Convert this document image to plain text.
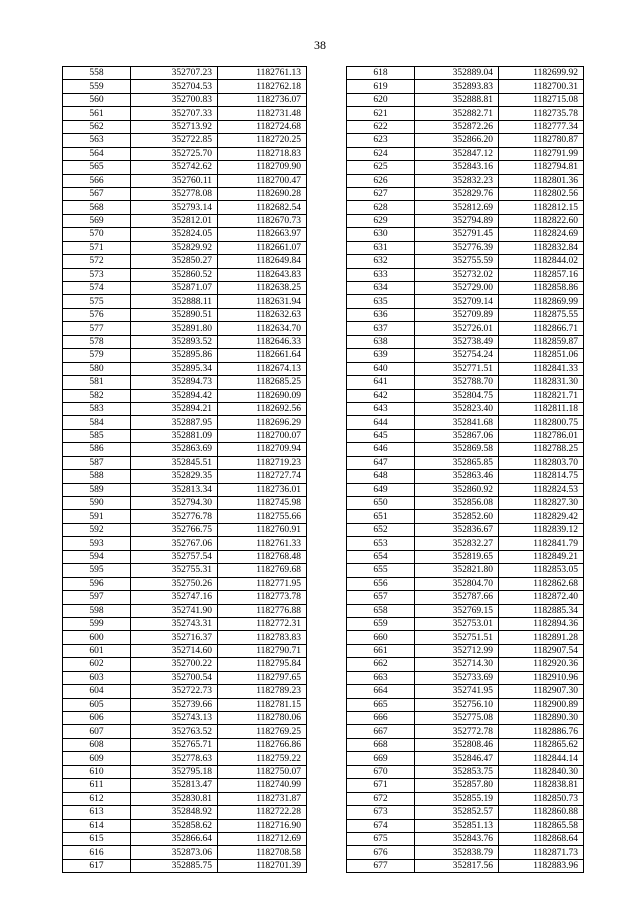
38
558	352707.23	1182761.13
559	352704.53	1182762.18
560	352700.83	1182736.07
561	352707.33	1182731.48
562	352713.92	1182724.68
563	352722.85	1182720.25
564	352725.70	1182718.83
565	352742.62	1182709.90
566	352760.11	1182700.47
567	352778.08	1182690.28
568	352793.14	1182682.54
569	352812.01	1182670.73
570	352824.05	1182663.97
571	352829.92	1182661.07
572	352850.27	1182649.84
573	352860.52	1182643.83
574	352871.07	1182638.25
575	352888.11	1182631.94
576	352890.51	1182632.63
577	352891.80	1182634.70
578	352893.52	1182646.33
579	352895.86	1182661.64
580	352895.34	1182674.13
581	352894.73	1182685.25
582	352894.42	1182690.09
583	352894.21	1182692.56
584	352887.95	1182696.29
585	352881.09	1182700.07
586	352863.69	1182709.94
587	352845.51	1182719.23
588	352829.35	1182727.74
589	352813.34	1182736.01
590	352794.30	1182745.98
591	352776.78	1182755.66
592	352766.75	1182760.91
593	352767.06	1182761.33
594	352757.54	1182768.48
595	352755.31	1182769.68
596	352750.26	1182771.95
597	352747.16	1182773.78
598	352741.90	1182776.88
599	352743.31	1182772.31
600	352716.37	1182783.83
601	352714.60	1182790.71
602	352700.22	1182795.84
603	352700.54	1182797.65
604	352722.73	1182789.23
605	352739.66	1182781.15
606	352743.13	1182780.06
607	352763.52	1182769.25
608	352765.71	1182766.86
609	352778.63	1182759.22
610	352795.18	1182750.07
611	352813.47	1182740.99
612	352830.81	1182731.87
613	352848.92	1182722.28
614	352858.62	1182716.90
615	352866.64	1182712.69
616	352873.06	1182708.58
617	352885.75	1182701.39
618	352889.04	1182699.92
619	352893.83	1182700.31
620	352888.81	1182715.08
621	352882.71	1182735.78
622	352872.26	1182777.34
623	352866.20	1182780.87
624	352847.12	1182791.99
625	352843.16	1182794.81
626	352832.23	1182801.36
627	352829.76	1182802.56
628	352812.69	1182812.15
629	352794.89	1182822.60
630	352791.45	1182824.69
631	352776.39	1182832.84
632	352755.59	1182844.02
633	352732.02	1182857.16
634	352729.00	1182858.86
635	352709.14	1182869.99
636	352709.89	1182875.55
637	352726.01	1182866.71
638	352738.49	1182859.87
639	352754.24	1182851.06
640	352771.51	1182841.33
641	352788.70	1182831.30
642	352804.75	1182821.71
643	352823.40	1182811.18
644	352841.68	1182800.75
645	352867.06	1182786.01
646	352869.58	1182788.25
647	352865.85	1182803.70
648	352863.46	1182814.75
649	352860.92	1182824.53
650	352856.08	1182827.30
651	352852.60	1182829.42
652	352836.67	1182839.12
653	352832.27	1182841.79
654	352819.65	1182849.21
655	352821.80	1182853.05
656	352804.70	1182862.68
657	352787.66	1182872.40
658	352769.15	1182885.34
659	352753.01	1182894.36
660	352751.51	1182891.28
661	352712.99	1182907.54
662	352714.30	1182920.36
663	352733.69	1182910.96
664	352741.95	1182907.30
665	352756.10	1182900.89
666	352775.08	1182890.30
667	352772.78	1182886.76
668	352808.46	1182865.62
669	352846.47	1182844.14
670	352853.75	1182840.30
671	352857.80	1182838.81
672	352855.19	1182850.73
673	352852.57	1182860.88
674	352851.13	1182865.58
675	352843.76	1182868.64
676	352838.79	1182871.73
677	352817.56	1182883.96
